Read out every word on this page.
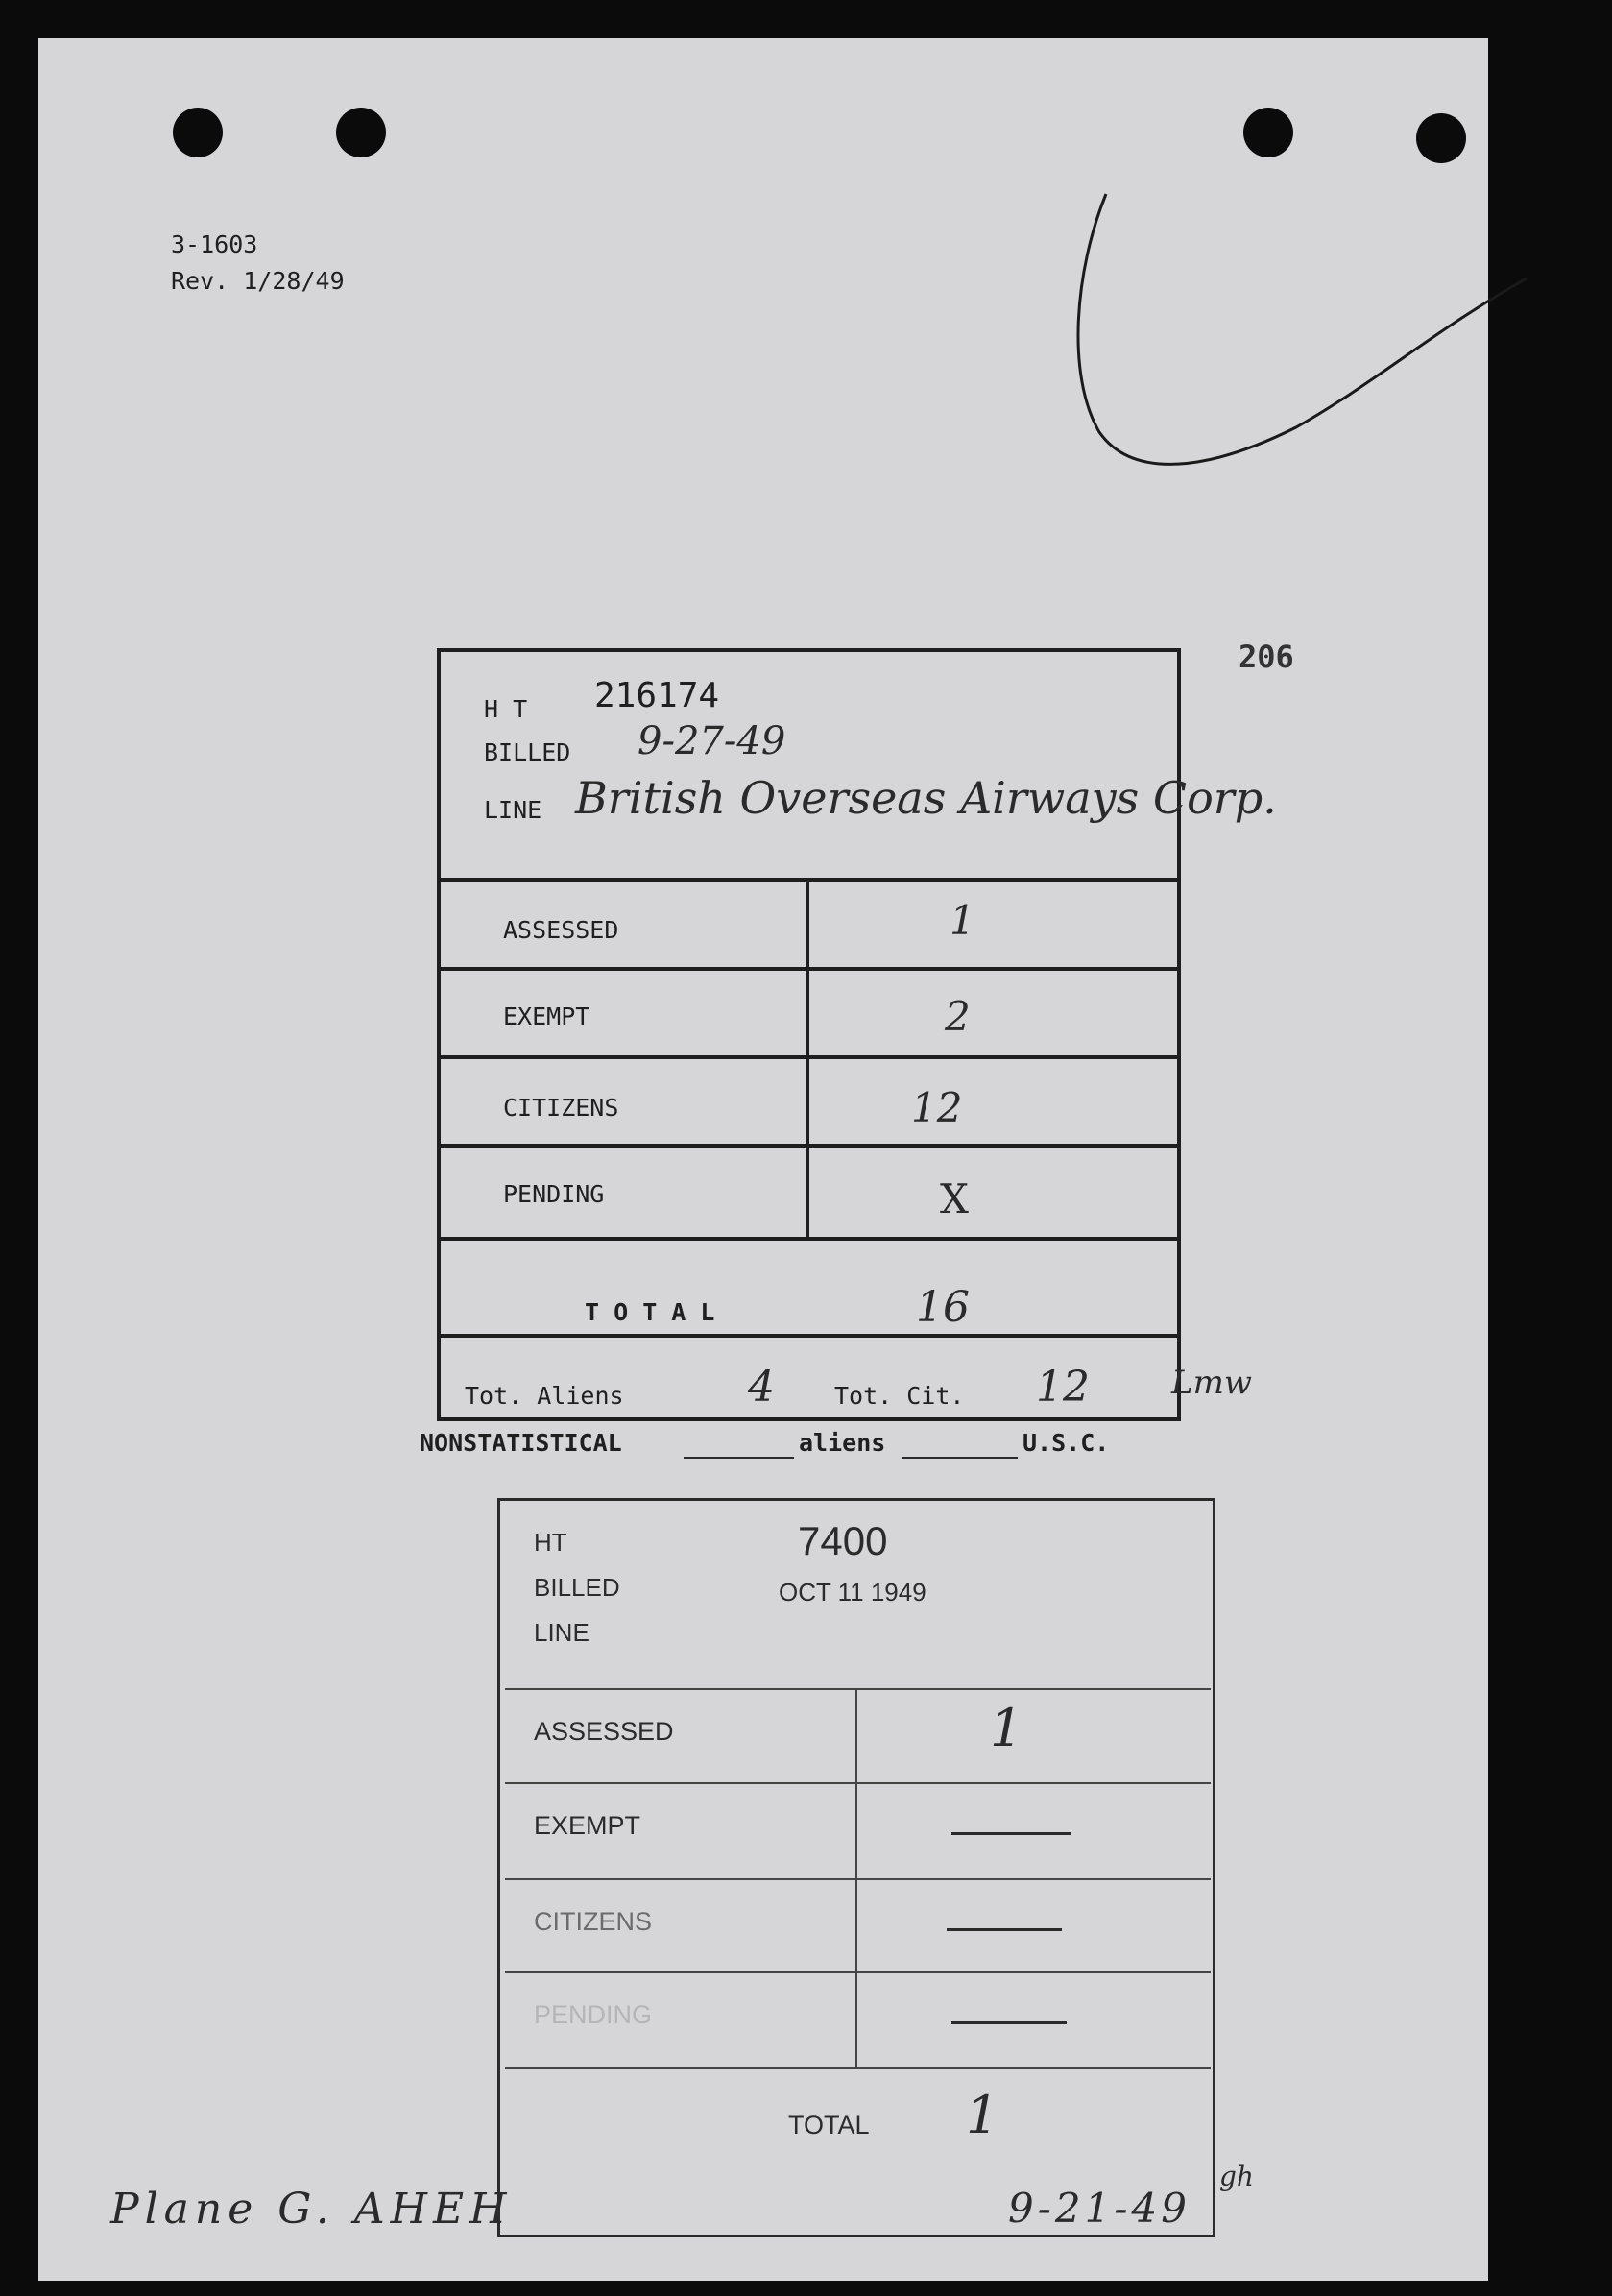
3-1603
Rev. 1/28/49
206
H T 216174
BILLED 9-27-49
LINE British Overseas Airways Corp.
ASSESSED	1
EXEMPT	2
CITIZENS	12
PENDING	X
T O T A L	16
Tot. Aliens	4 Tot. Cit. 12	Lmw
NONSTATISTICAL	aliens	U.S.C.
HT	7400
BILLED	OCT 11 1949
LINE
ASSESSED	1
EXEMPT
CITIZENS
PENDING
TOTAL 1
gh
Plane G. AHEH	9-21-49
